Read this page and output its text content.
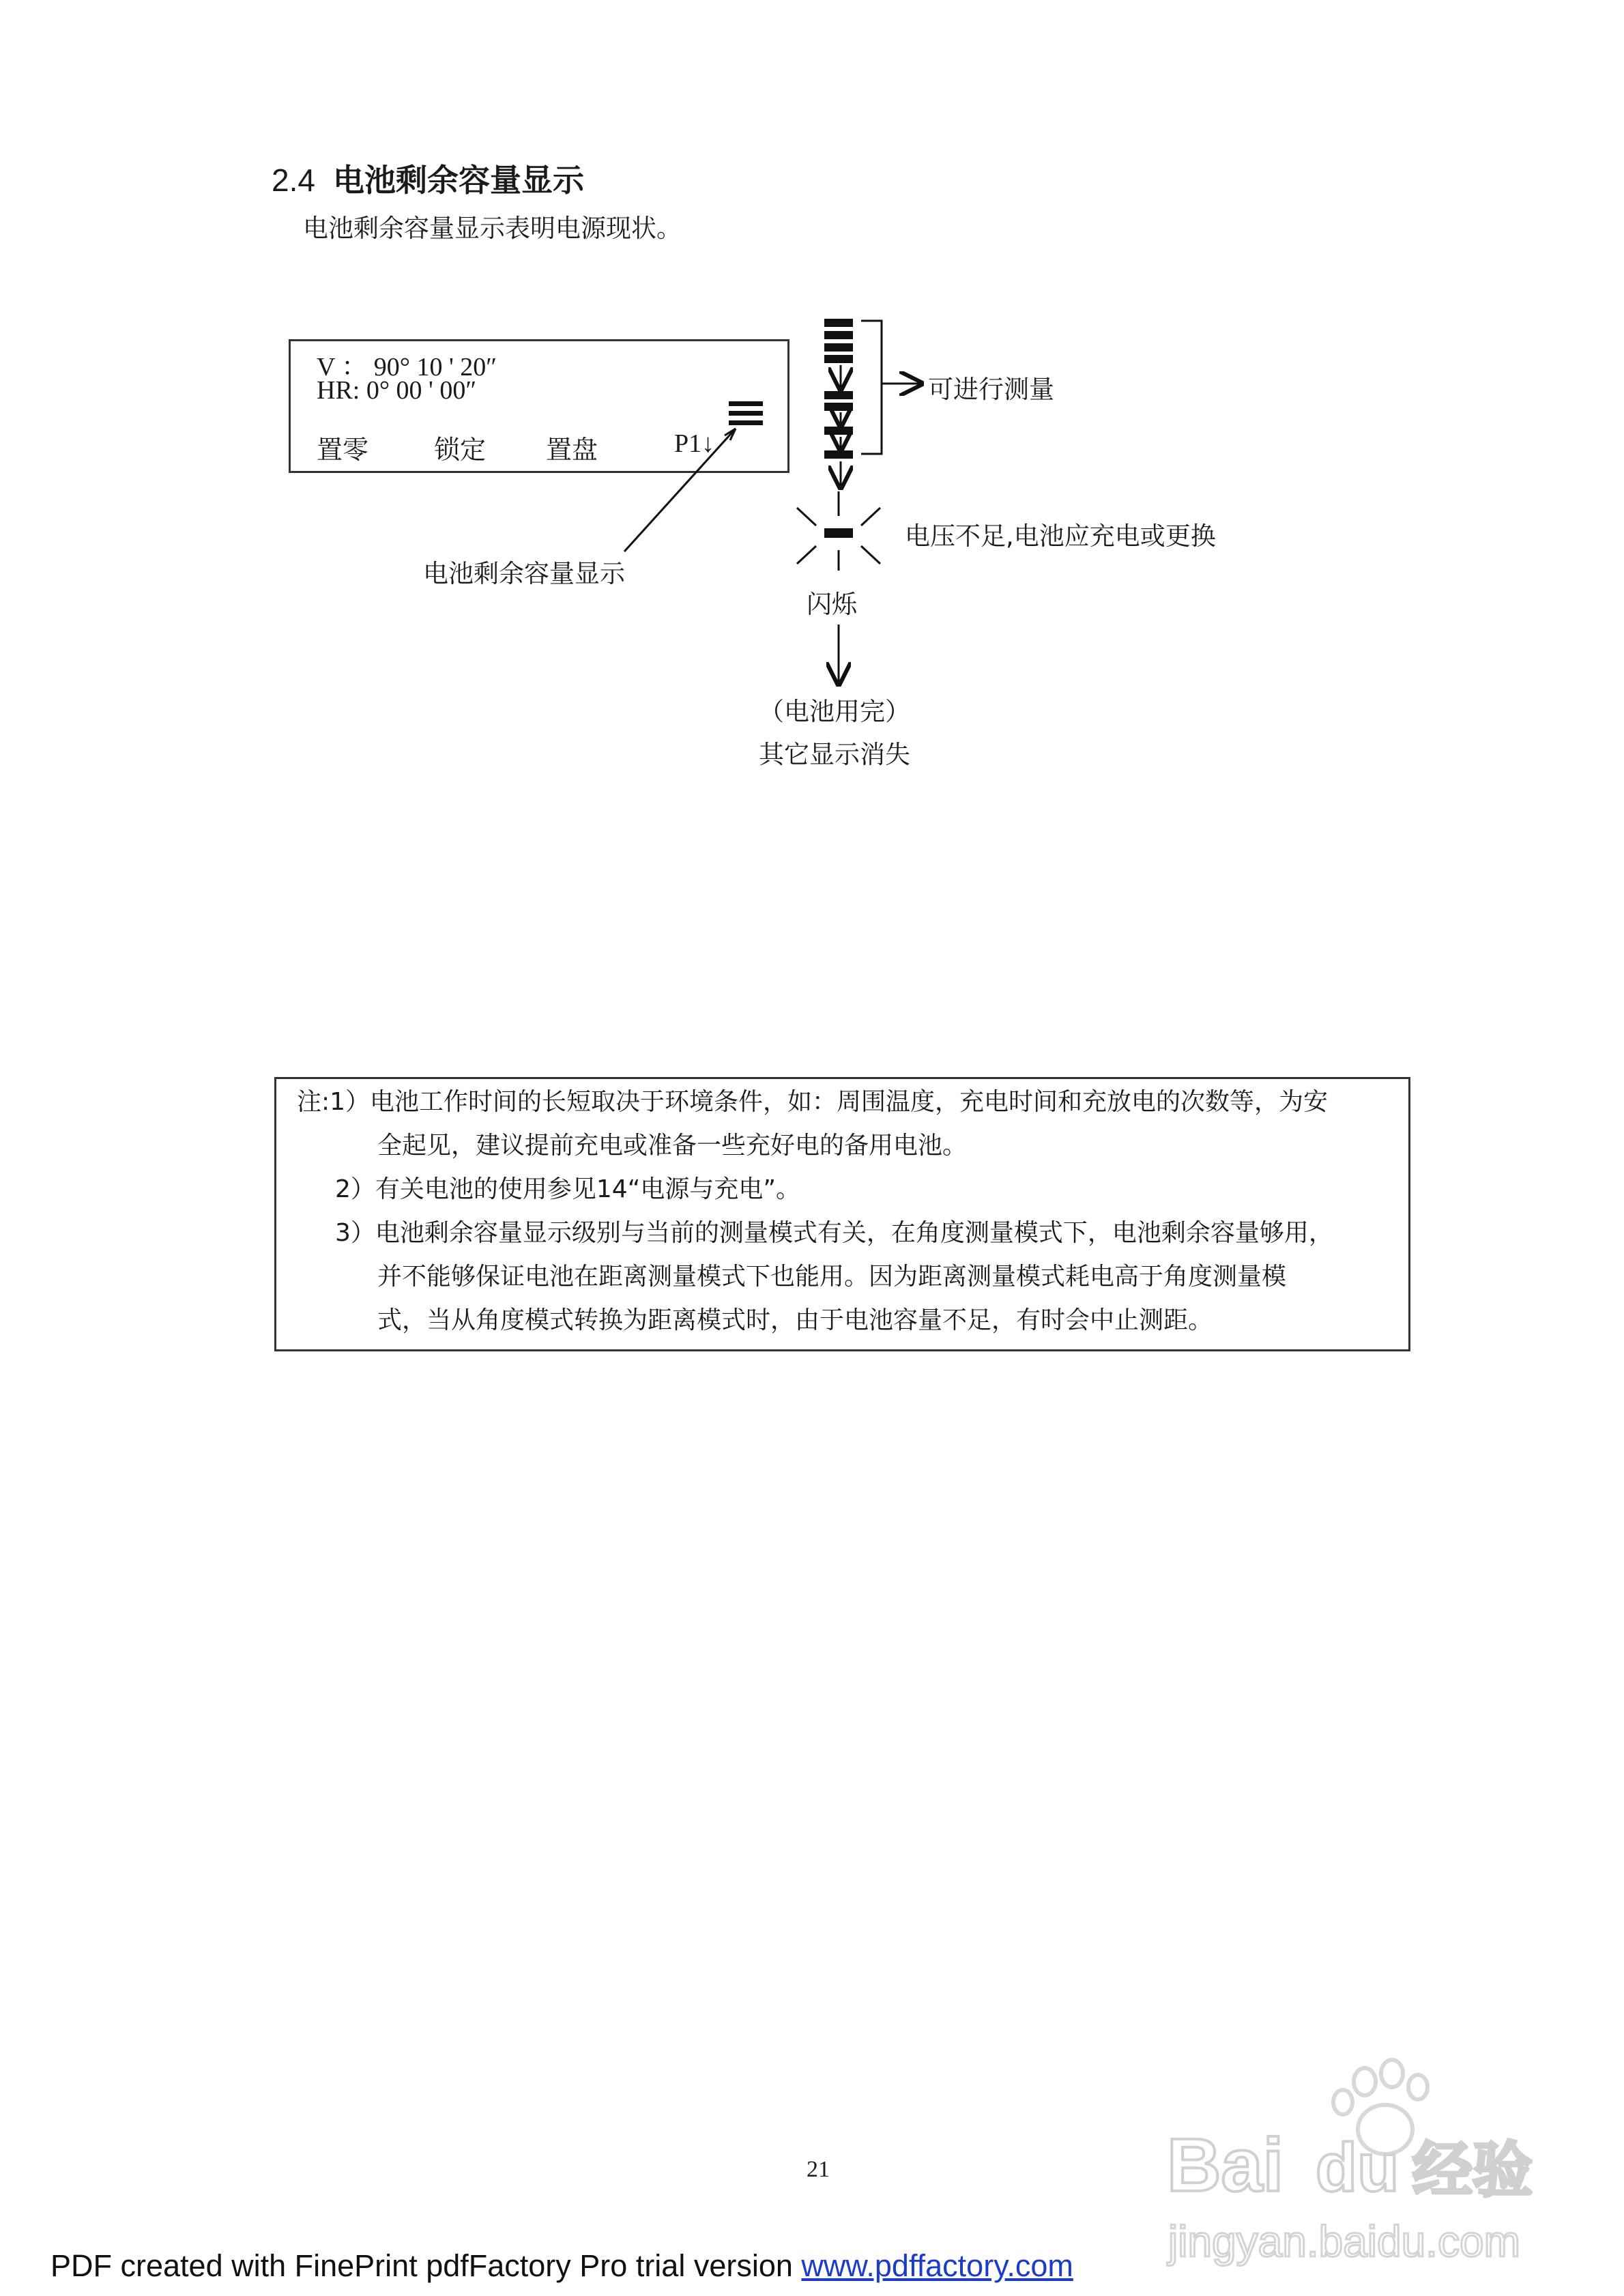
2.4 电池剩余容量显示
电池剩余容量显示表明电源现状。
V ： 90° 10 ' 20″
HR: 0° 00 ' 00″
置零	锁定 置盘	P1↓
可进行测量
电压不足,电池应充电或更换
电池剩余容量显示
闪烁
（电池用完）
其它显示消失
注:1）电池工作时间的长短取决于环境条件，如：周围温度，充电时间和充放电的次数等，为安
全起见，建议提前充电或准备一些充好电的备用电池。
2）有关电池的使用参见14“电源与充电”。
3）电池剩余容量显示级别与当前的测量模式有关，在角度测量模式下，电池剩余容量够用，
并不能够保证电池在距离测量模式下也能用。因为距离测量模式耗电高于角度测量模
式，当从角度模式转换为距离模式时，由于电池容量不足，有时会中止测距。
21	Bai du 经验
jingyan.baidu.com
PDF created with FinePrint pdfFactory Pro trial version www.pdffactory.com
